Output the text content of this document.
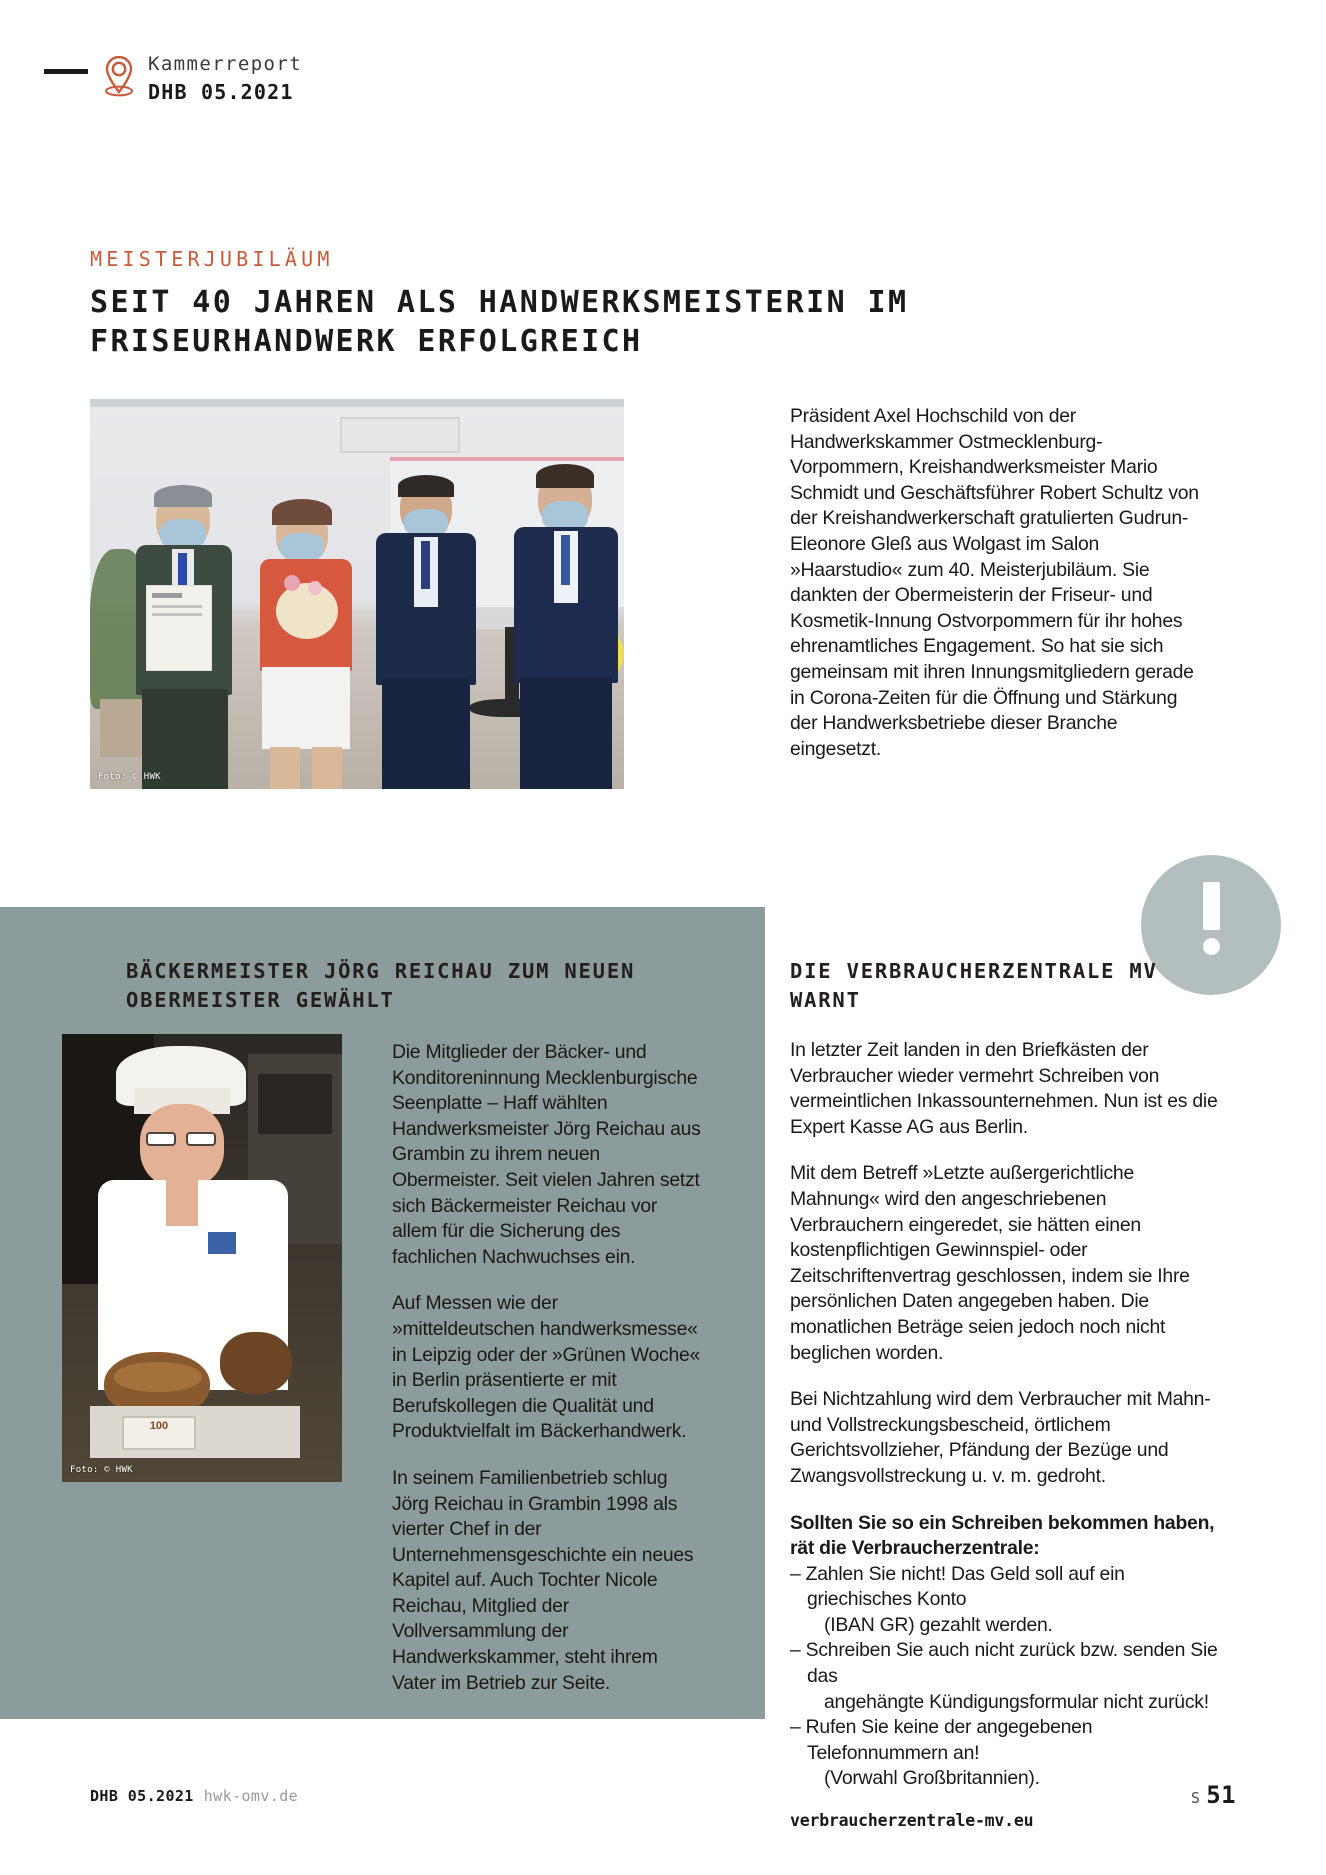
Kammerreport
DHB 05.2021
MEISTERJUBILÄUM
SEIT 40 JAHREN ALS HANDWERKSMEISTERIN IM FRISEURHANDWERK ERFOLGREICH
Foto: © HWK

Präsident Axel Hochschild von der Handwerkskammer Ostmecklenburg-Vorpommern, Kreishandwerksmeister Mario Schmidt und Geschäftsführer Robert Schultz von der Kreishandwerkerschaft gratulierten Gudrun-Eleonore Gleß aus Wolgast im Salon »Haarstudio« zum 40. Meisterjubiläum. Sie dankten der Obermeisterin der Friseur- und Kosmetik-Innung Ostvorpommern für ihr hohes ehrenamtliches Engagement. So hat sie sich gemeinsam mit ihren Innungsmitgliedern gerade in Corona-Zeiten für die Öffnung und Stärkung der Handwerksbetriebe dieser Branche eingesetzt.

BÄCKERMEISTER JÖRG REICHAU ZUM NEUEN OBERMEISTER GEWÄHLT
100
Foto: © HWK

Die Mitglieder der Bäcker- und Konditoreninnung Mecklenburgische Seenplatte – Haff wählten Handwerksmeister Jörg Reichau aus Grambin zu ihrem neuen Obermeister. Seit vielen Jahren setzt sich Bäckermeister Reichau vor allem für die Sicherung des fachlichen Nachwuchses ein.

Auf Messen wie der »mitteldeutschen handwerksmesse« in Leipzig oder der »Grünen Woche« in Berlin präsentierte er mit Berufskollegen die Qualität und Produktvielfalt im Bäckerhandwerk.

In seinem Familienbetrieb schlug Jörg Reichau in Grambin 1998 als vierter Chef in der Unternehmensgeschichte ein neues Kapitel auf. Auch Tochter Nicole Reichau, Mitglied der Vollversammlung der Handwerkskammer, steht ihrem Vater im Betrieb zur Seite.

DIE VERBRAUCHERZENTRALE MV WARNT

In letzter Zeit landen in den Briefkästen der Verbraucher wieder vermehrt Schreiben von vermeintlichen Inkassounternehmen. Nun ist es die Expert Kasse AG aus Berlin.

Mit dem Betreff »Letzte außergerichtliche Mahnung« wird den angeschriebenen Verbrauchern eingeredet, sie hätten einen kostenpflichtigen Gewinnspiel- oder Zeitschriftenvertrag geschlossen, indem sie Ihre persönlichen Daten angegeben haben. Die monatlichen Beträge seien jedoch noch nicht beglichen worden.

Bei Nichtzahlung wird dem Verbraucher mit Mahn- und Vollstreckungsbescheid, örtlichem Gerichtsvollzieher, Pfändung der Bezüge und Zwangsvollstreckung u. v. m. gedroht.

Sollten Sie so ein Schreiben bekommen haben, rät die Verbraucherzentrale:

– Zahlen Sie nicht! Das Geld soll auf ein griechisches Konto
(IBAN GR) gezahlt werden.
– Schreiben Sie auch nicht zurück bzw. senden Sie das
angehängte Kündigungsformular nicht zurück!
– Rufen Sie keine der angegebenen Telefonnummern an!
(Vorwahl Großbritannien).
verbraucherzentrale-mv.eu
DHB 05.2021 hwk-omv.de	S 51
